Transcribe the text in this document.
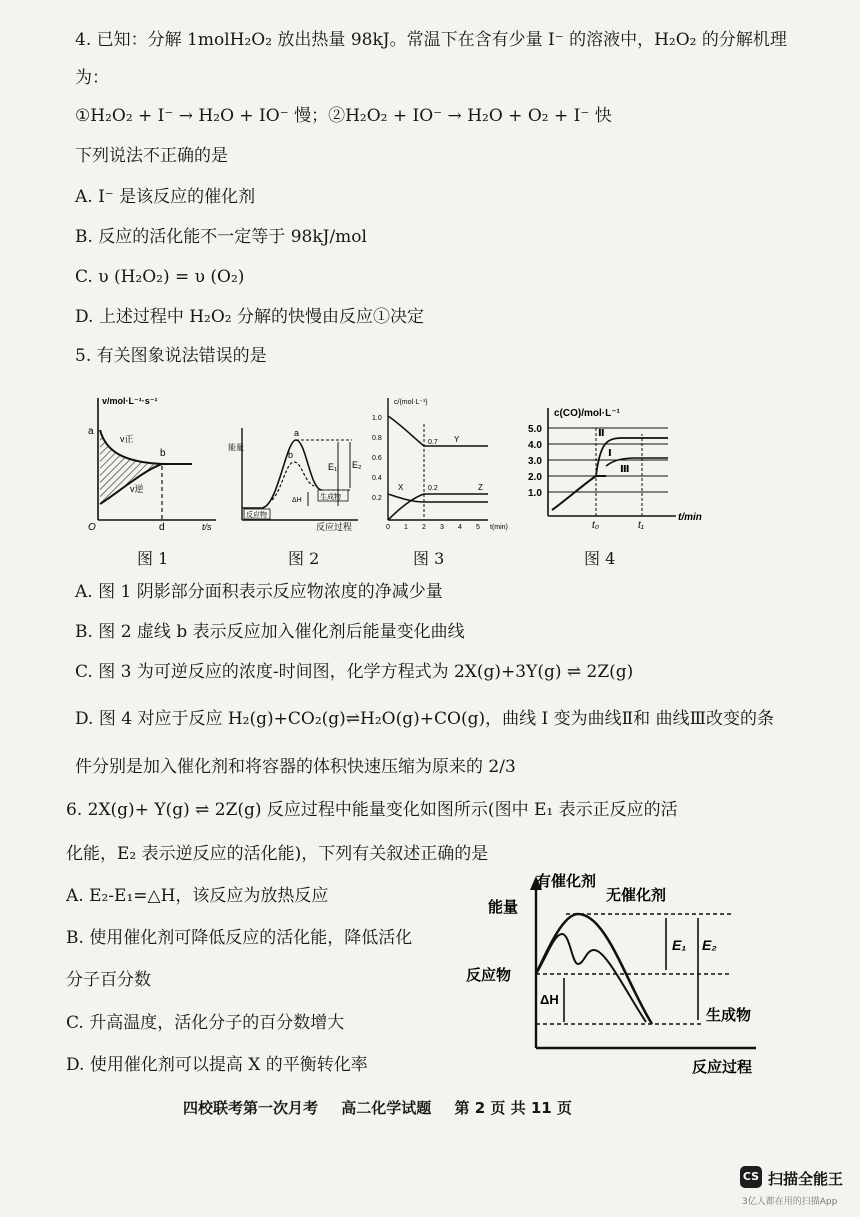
4. 已知：分解 1molH₂O₂ 放出热量 98kJ。常温下在含有少量 I⁻ 的溶液中，H₂O₂ 的分解机理
为：
①H₂O₂ + I⁻ → H₂O + IO⁻ 慢；②H₂O₂ + IO⁻ → H₂O + O₂ + I⁻ 快
下列说法不正确的是
A. I⁻ 是该反应的催化剂
B. 反应的活化能不一定等于 98kJ/mol
C. υ (H₂O₂) = υ (O₂)
D. 上述过程中 H₂O₂ 分解的快慢由反应①决定
5. 有关图象说法错误的是
v/mol·L⁻¹·s⁻¹
a
b
v正
v逆
O	d	t/s
能量
a
b
E₁ E₂
ΔH	生成物
反应物
反应过程
c/(mol·L⁻¹)
1.0
0.8
0.6
0.4
0.2
0 1 2 3 4 5 t(min)
0.7 Y
X	0.2	Z
c(CO)/mol·L⁻¹
5.0
4.0
3.0
2.0
1.0
t₀	t₁
t/min
Ⅱ
Ⅰ
Ⅲ
图 1	图 2	图 3	图 4
A. 图 1 阴影部分面积表示反应物浓度的净减少量
B. 图 2 虚线 b 表示反应加入催化剂后能量变化曲线
C. 图 3 为可逆反应的浓度-时间图，化学方程式为 2X(g)+3Y(g) ⇌ 2Z(g)
D. 图 4 对应于反应 H₂(g)+CO₂(g)⇌H₂O(g)+CO(g)，曲线 Ⅰ 变为曲线Ⅱ和 曲线Ⅲ改变的条
件分别是加入催化剂和将容器的体积快速压缩为原来的 2/3
6. 2X(g)+ Y(g) ⇌ 2Z(g) 反应过程中能量变化如图所示(图中 E₁ 表示正反应的活
化能，E₂ 表示逆反应的活化能)，下列有关叙述正确的是
A. E₂-E₁=△H，该反应为放热反应
B. 使用催化剂可降低反应的活化能，降低活化
分子百分数
C. 升高温度，活化分子的百分数增大
D. 使用催化剂可以提高 X 的平衡转化率
有催化剂
无催化剂
能量
E₁ E₂
反应物
ΔH
生成物
反应过程
四校联考第一次月考 高二化学试题 第 2 页 共 11 页
CS 扫描全能王
3亿人都在用的扫描App
